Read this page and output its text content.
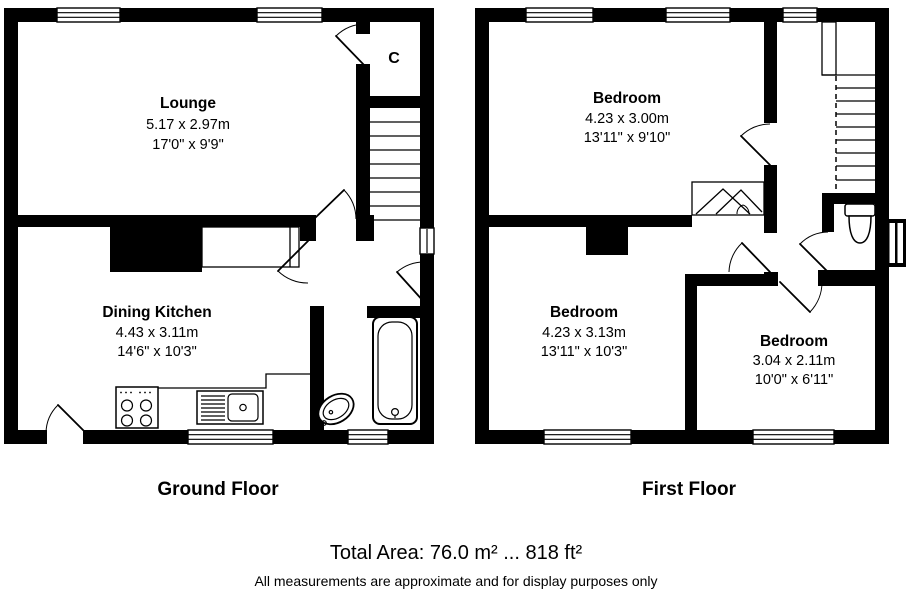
Lounge
5.17 x 2.97m
17'0" x 9'9"
C
Dining Kitchen
4.43 x 3.11m
14'6" x 10'3"
Ground Floor
Bedroom
4.23 x 3.00m
13'11" x 9'10"
Bedroom
4.23 x 3.13m
13'11" x 10'3"
Bedroom
3.04 x 2.11m
10'0" x 6'11"
First Floor
Total Area: 76.0 m² ... 818 ft²
All measurements are approximate and for display purposes only
